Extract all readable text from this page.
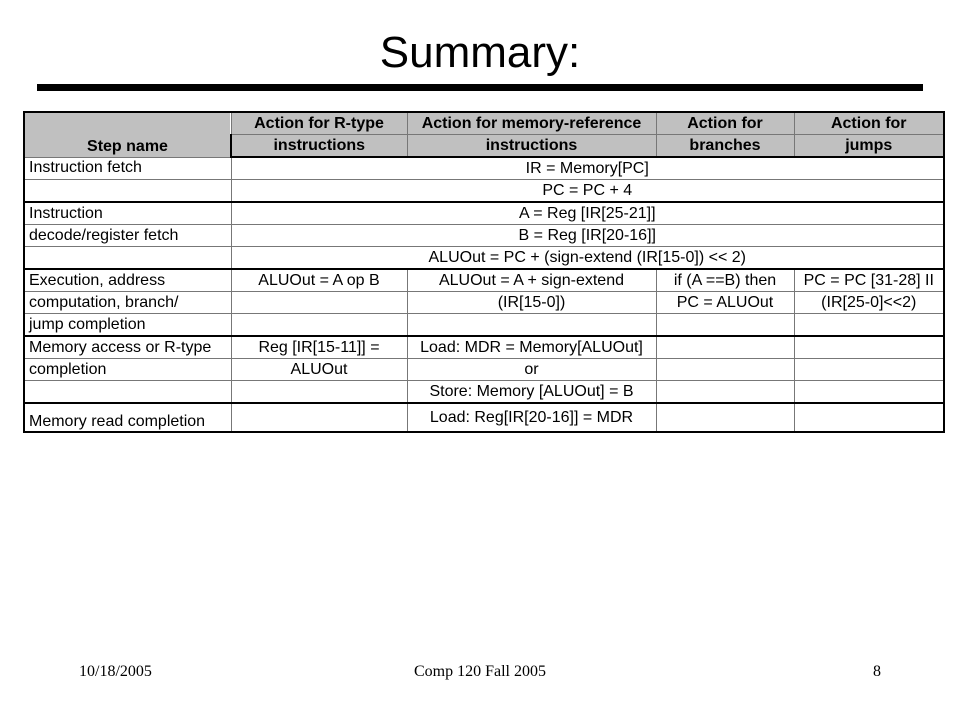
Summary:
Step name	Action for R-type	Action for memory-reference	Action for	Action for
	instructions	instructions	branches	jumps
Instruction fetch	IR = Memory[PC]			
	PC = PC + 4			
Instruction	A = Reg [IR[25-21]]			
decode/register fetch	B = Reg [IR[20-16]]			
	ALUOut = PC + (sign-extend (IR[15-0]) << 2)			
Execution, address	ALUOut = A op B	ALUOut = A + sign-extend	if (A ==B) then	PC = PC [31-28] II
computation, branch/		(IR[15-0])	PC = ALUOut	(IR[25-0]<<2)
jump completion				
Memory access or R-type	Reg [IR[15-11]] =	Load: MDR = Memory[ALUOut]		
completion	ALUOut	or		
		Store: Memory [ALUOut] = B		
Memory read completion		Load: Reg[IR[20-16]] = MDR		
10/18/2005	Comp 120 Fall 2005	8
